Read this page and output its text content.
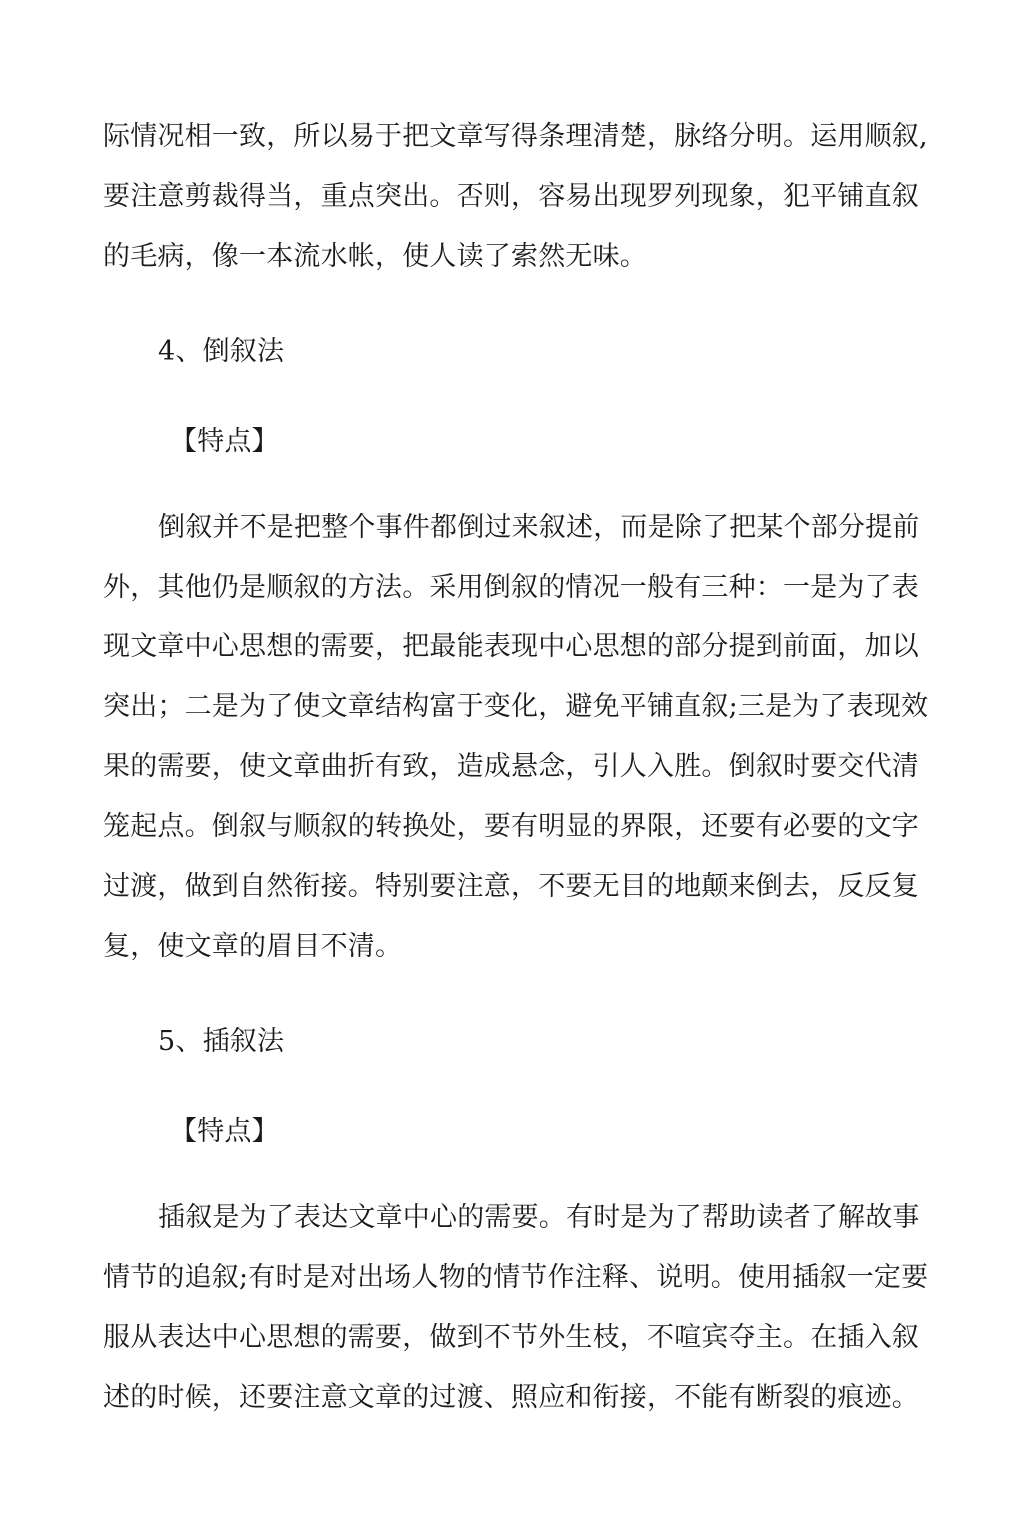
际情况相一致，所以易于把文章写得条理清楚，脉络分明。运用顺叙,
要注意剪裁得当，重点突出。否则，容易出现罗列现象，犯平铺直叙
的毛病，像一本流水帐，使人读了索然无味。
4、倒叙法
【特点】
倒叙并不是把整个事件都倒过来叙述，而是除了把某个部分提前
外，其他仍是顺叙的方法。采用倒叙的情况一般有三种：一是为了表
现文章中心思想的需要，把最能表现中心思想的部分提到前面，加以
突出；二是为了使文章结构富于变化，避免平铺直叙;三是为了表现效
果的需要，使文章曲折有致，造成悬念，引人入胜。倒叙时要交代清
笼起点。倒叙与顺叙的转换处，要有明显的界限，还要有必要的文字
过渡，做到自然衔接。特别要注意，不要无目的地颠来倒去，反反复
复，使文章的眉目不清。
5、插叙法
【特点】
插叙是为了表达文章中心的需要。有时是为了帮助读者了解故事
情节的追叙;有时是对出场人物的情节作注释、说明。使用插叙一定要
服从表达中心思想的需要，做到不节外生枝，不喧宾夺主。在插入叙
述的时候，还要注意文章的过渡、照应和衔接，不能有断裂的痕迹。
